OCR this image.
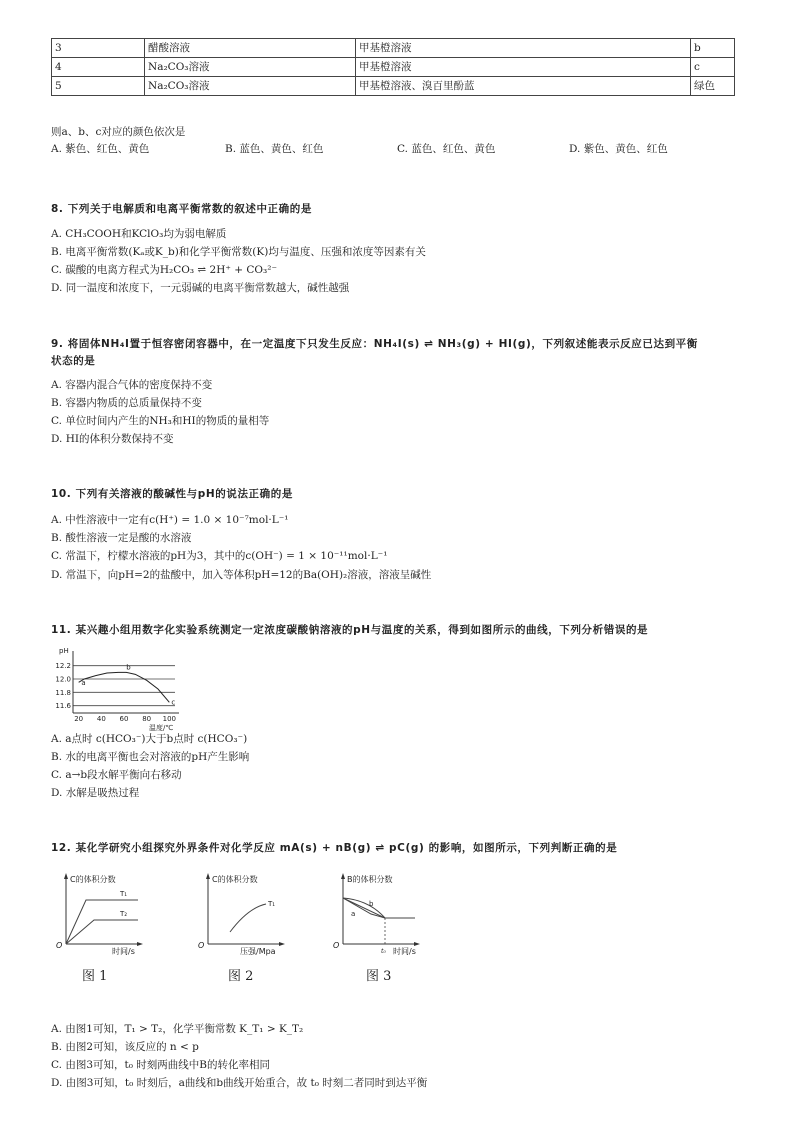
3	醋酸溶液	甲基橙溶液	b
4	Na₂CO₃溶液	甲基橙溶液	c
5	Na₂CO₃溶液	甲基橙溶液、溴百里酚蓝	绿色
则a、b、c对应的颜色依次是
A. 紫色、红色、黄色	B. 蓝色、黄色、红色	C. 蓝色、红色、黄色	D. 紫色、黄色、红色
8. 下列关于电解质和电离平衡常数的叙述中正确的是
A. CH₃COOH和KClO₃均为弱电解质
B. 电离平衡常数(Kₐ或K_b)和化学平衡常数(K)均与温度、压强和浓度等因素有关
C. 碳酸的电离方程式为H₂CO₃ ⇌ 2H⁺ + CO₃²⁻
D. 同一温度和浓度下，一元弱碱的电离平衡常数越大，碱性越强
9. 将固体NH₄I置于恒容密闭容器中，在一定温度下只发生反应：NH₄I(s) ⇌ NH₃(g) + HI(g)，下列叙述能表示反应已达到平衡
状态的是
A. 容器内混合气体的密度保持不变
B. 容器内物质的总质量保持不变
C. 单位时间内产生的NH₃和HI的物质的量相等
D. HI的体积分数保持不变
10. 下列有关溶液的酸碱性与pH的说法正确的是
A. 中性溶液中一定有c(H⁺) = 1.0 × 10⁻⁷mol·L⁻¹
B. 酸性溶液一定是酸的水溶液
C. 常温下，柠檬水溶液的pH为3，其中的c(OH⁻) = 1 × 10⁻¹¹mol·L⁻¹
D. 常温下，向pH=2的盐酸中，加入等体积pH=12的Ba(OH)₂溶液，溶液呈碱性
11. 某兴趣小组用数字化实验系统测定一定浓度碳酸钠溶液的pH与温度的关系，得到如图所示的曲线，下列分析错误的是
11.6
11.8
12.0
12.2
20 40 60 80 100
pH
温度/℃
a
b
c
A. a点时 c(HCO₃⁻)大于b点时 c(HCO₃⁻)
B. 水的电离平衡也会对溶液的pH产生影响
C. a→b段水解平衡向右移动
D. 水解是吸热过程
12. 某化学研究小组探究外界条件对化学反应 mA(s) + nB(g) ⇌ pC(g) 的影响，如图所示，下列判断正确的是
C的体积分数
T₁
T₂
O
时间/s
图 1
C的体积分数
T₁
O
压强/Mpa
图 2
B的体积分数
a
b
t₀
O
时间/s
图 3
A. 由图1可知，T₁ > T₂，化学平衡常数 K_T₁ > K_T₂
B. 由图2可知，该反应的 n < p
C. 由图3可知，t₀ 时刻两曲线中B的转化率相同
D. 由图3可知，t₀ 时刻后，a曲线和b曲线开始重合，故 t₀ 时刻二者同时到达平衡
